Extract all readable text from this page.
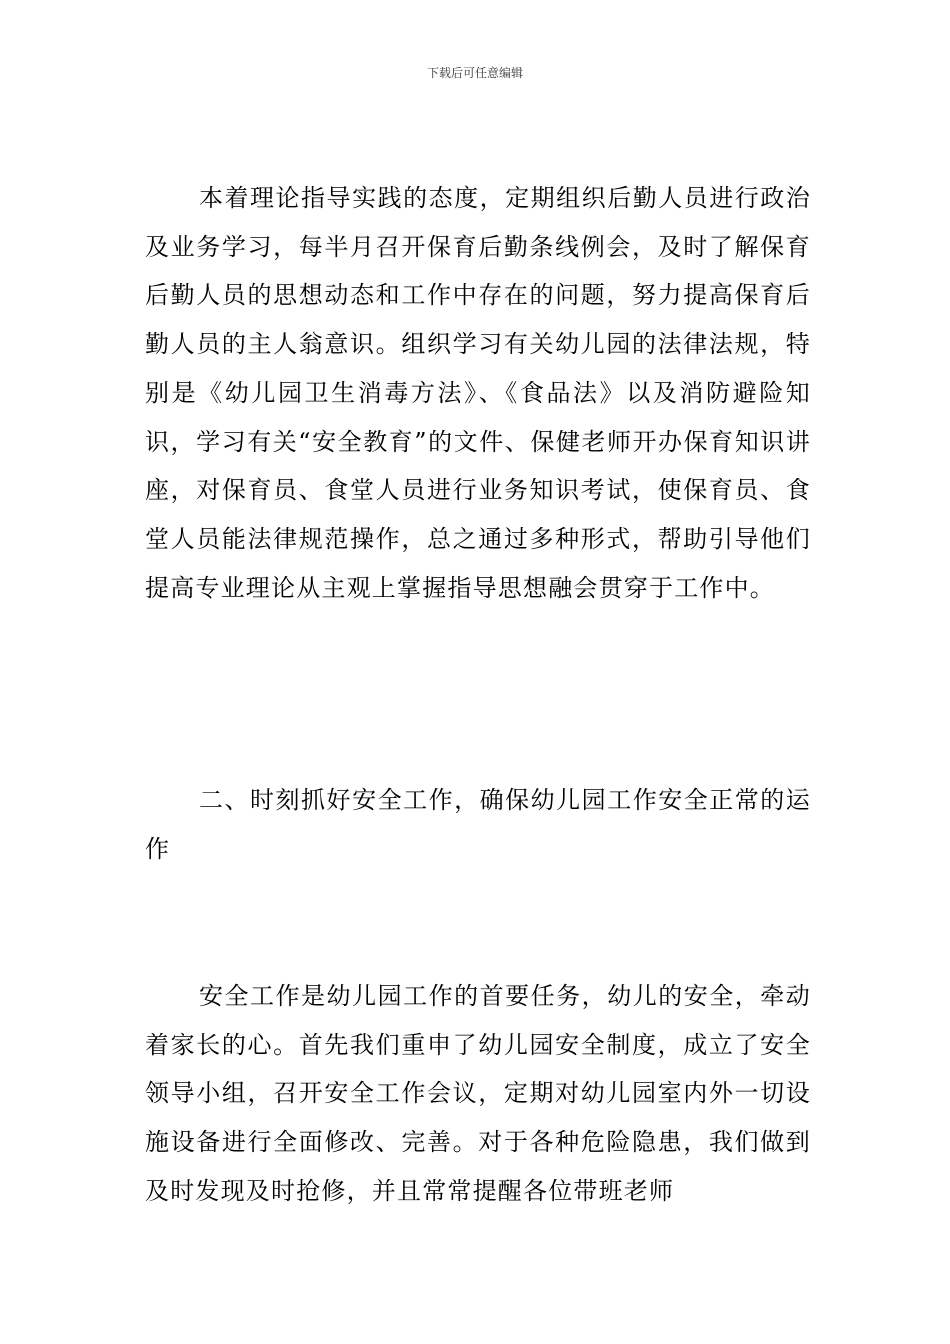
下载后可任意编辑

本着理论指导实践的态度，定期组织后勤人员进行政治及业务学习，每半月召开保育后勤条线例会，及时了解保育后勤人员的思想动态和工作中存在的问题，努力提高保育后勤人员的主人翁意识。组织学习有关幼儿园的法律法规，特别是《幼儿园卫生消毒方法》、《食品法》以及消防避险知识，学习有关“安全教育”的文件、保健老师开办保育知识讲座，对保育员、食堂人员进行业务知识考试，使保育员、食堂人员能法律规范操作，总之通过多种形式，帮助引导他们提高专业理论从主观上掌握指导思想融会贯穿于工作中。

二、时刻抓好安全工作，确保幼儿园工作安全正常的运作

安全工作是幼儿园工作的首要任务，幼儿的安全，牵动着家长的心。首先我们重申了幼儿园安全制度，成立了安全领导小组，召开安全工作会议，定期对幼儿园室内外一切设施设备进行全面修改、完善。对于各种危险隐患，我们做到及时发现及时抢修，并且常常提醒各位带班老师
